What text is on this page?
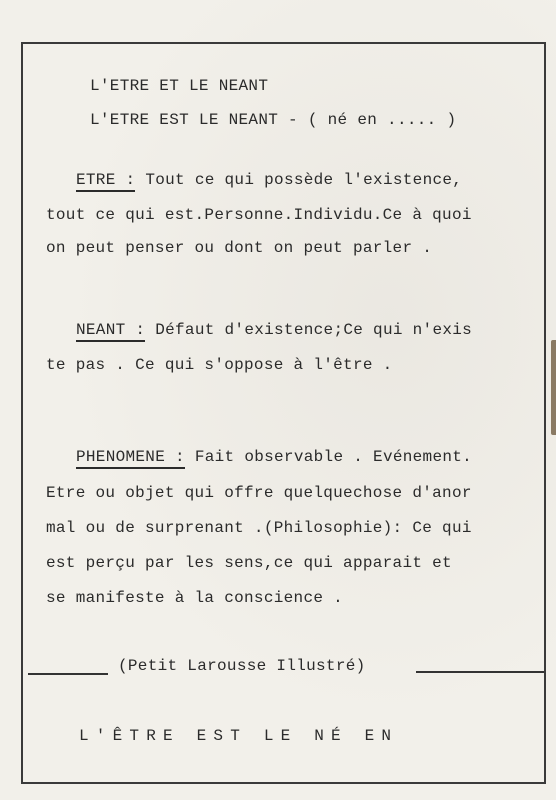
L'ETRE ET LE NEANT
L'ETRE EST LE NEANT - ( né en ..... )
ETRE : Tout ce qui possède l'existence,
tout ce qui est.Personne.Individu.Ce à quoi
on peut penser ou dont on peut parler .
NEANT : Défaut d'existence;Ce qui n'exis
te pas . Ce qui s'oppose à l'être .
PHENOMENE : Fait observable . Evénement.
Etre ou objet qui offre quelquechose d'anor
mal ou de surprenant .(Philosophie): Ce qui
est perçu par les sens,ce qui apparait et
se manifeste à la conscience .
(Petit Larousse Illustré)
L'ÊTRE EST LE NÉ EN
